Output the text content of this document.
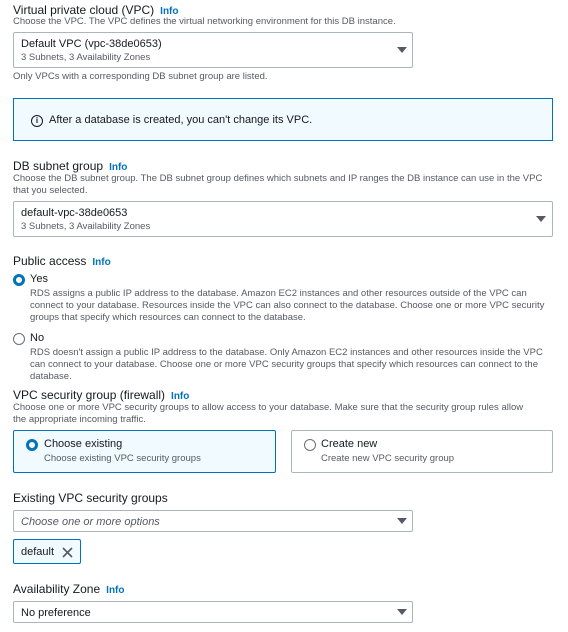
Virtual private cloud (VPC) Info
Choose the VPC. The VPC defines the virtual networking environment for this DB instance.
Default VPC (vpc-38de0653)
3 Subnets, 3 Availability Zones
Only VPCs with a corresponding DB subnet group are listed.
i After a database is created, you can't change its VPC.
DB subnet group Info
Choose the DB subnet group. The DB subnet group defines which subnets and IP ranges the DB instance can use in the VPC that you selected.
default-vpc-38de0653
3 Subnets, 3 Availability Zones
Public access Info
Yes
RDS assigns a public IP address to the database. Amazon EC2 instances and other resources outside of the VPC can connect to your database. Resources inside the VPC can also connect to the database. Choose one or more VPC security groups that specify which resources can connect to the database.
No
RDS doesn't assign a public IP address to the database. Only Amazon EC2 instances and other resources inside the VPC can connect to your database. Choose one or more VPC security groups that specify which resources can connect to the database.
VPC security group (firewall) Info
Choose one or more VPC security groups to allow access to your database. Make sure that the security group rules allow the appropriate incoming traffic.
Choose existing
Choose existing VPC security groups
Create new
Create new VPC security group
Existing VPC security groups
Choose one or more options
default
Availability Zone Info
No preference
